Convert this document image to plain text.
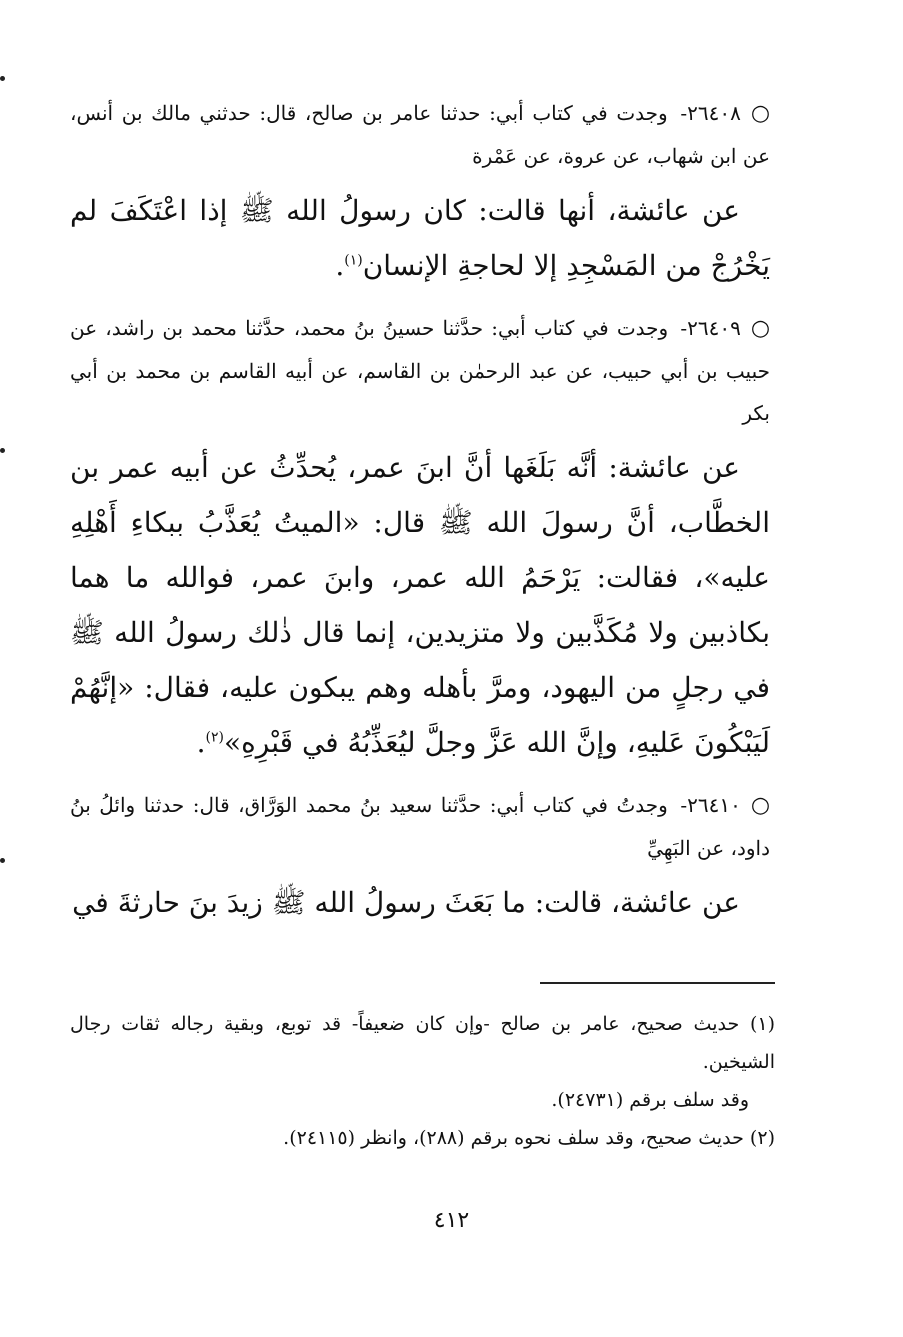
○٢٦٤٠٨- وجدت في كتاب أبي: حدثنا عامر بن صالح، قال: حدثني مالك بن أنس، عن ابن شهاب، عن عروة، عن عَمْرة

عن عائشة، أنها قالت: كان رسولُ الله ﷺ إذا اعْتَكَفَ لم يَخْرُجْ من المَسْجِدِ إلا لحاجةِ الإنسان$^{(١)}$.

○٢٦٤٠٩- وجدت في كتاب أبي: حدَّثنا حسينُ بنُ محمد، حدَّثنا محمد بن راشد، عن حبيب بن أبي حبيب، عن عبد الرحمٰن بن القاسم، عن أبيه القاسم بن محمد بن أبي بكر

عن عائشة: أنَّه بَلَغَها أنَّ ابنَ عمر، يُحدِّثُ عن أبيه عمر بن الخطَّاب، أنَّ رسولَ الله ﷺ قال: «الميتُ يُعَذَّبُ ببكاءِ أَهْلِهِ عليه»، فقالت: يَرْحَمُ الله عمر، وابنَ عمر، فوالله ما هما بكاذبين ولا مُكَذَّبين ولا متزيدين، إنما قال ذٰلك رسولُ الله ﷺ في رجلٍ من اليهود، ومرَّ بأهله وهم يبكون عليه، فقال: «إنَّهُمْ لَيَبْكُونَ عَليهِ، وإنَّ الله عَزَّ وجلَّ ليُعَذِّبُهُ في قَبْرِهِ»$^{(٢)}$.

○٢٦٤١٠- وجدتُ في كتاب أبي: حدَّثنا سعيد بنُ محمد الوَرَّاق، قال: حدثنا وائلُ بنُ داود، عن البَهِيِّ

عن عائشة، قالت: ما بَعَثَ رسولُ الله ﷺ زيدَ بنَ حارثةَ في

(١) حديث صحيح، عامر بن صالح -وإن كان ضعيفاً- قد توبع، وبقية رجاله ثقات رجال الشيخين.

وقد سلف برقم (٢٤٧٣١).

(٢) حديث صحيح، وقد سلف نحوه برقم (٢٨٨)، وانظر (٢٤١١٥).

٤١٢
